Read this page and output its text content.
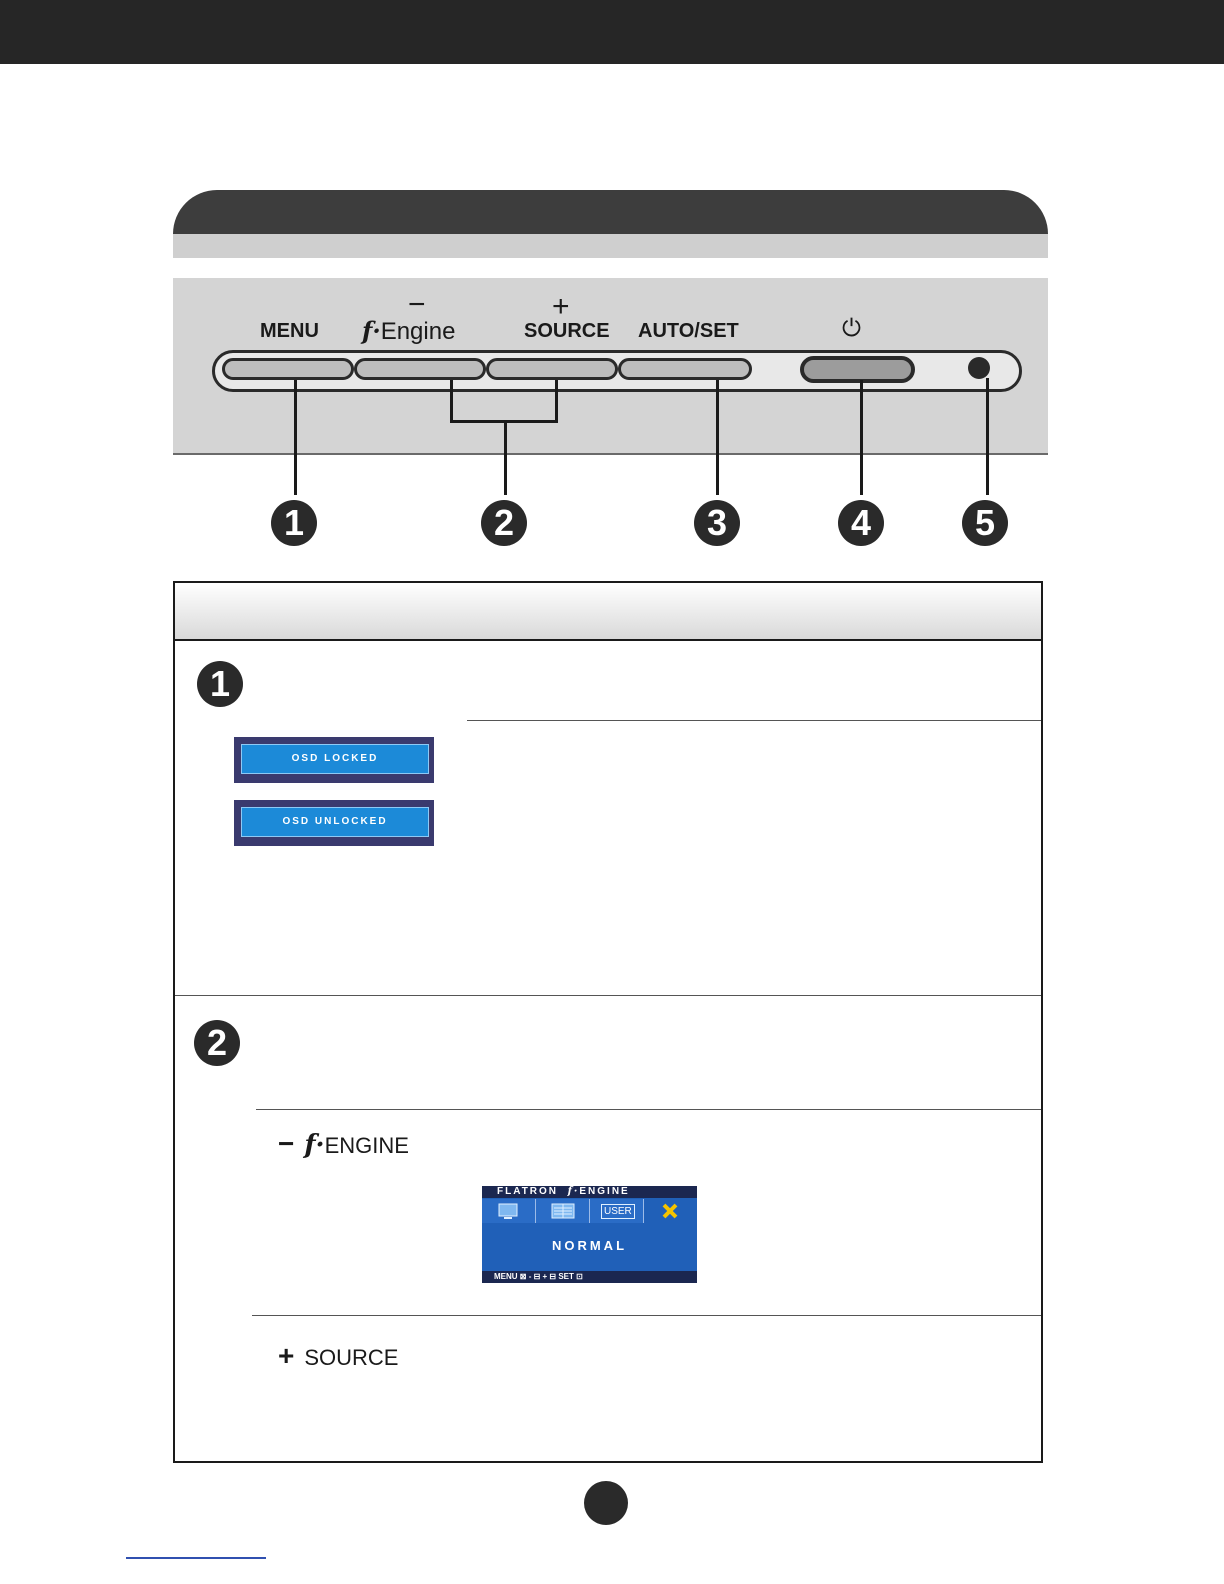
MENU
−
f·Engine
+
SOURCE AUTO/SET	⏻
1	2	3	4	5
1
OSD LOCKED
OSD UNLOCKED
2
− f·ENGINE
FLATRON f·ENGINE
USER
NORMAL
MENU ⊠ - ⊟ + ⊟ SET ⊡
+ SOURCE
